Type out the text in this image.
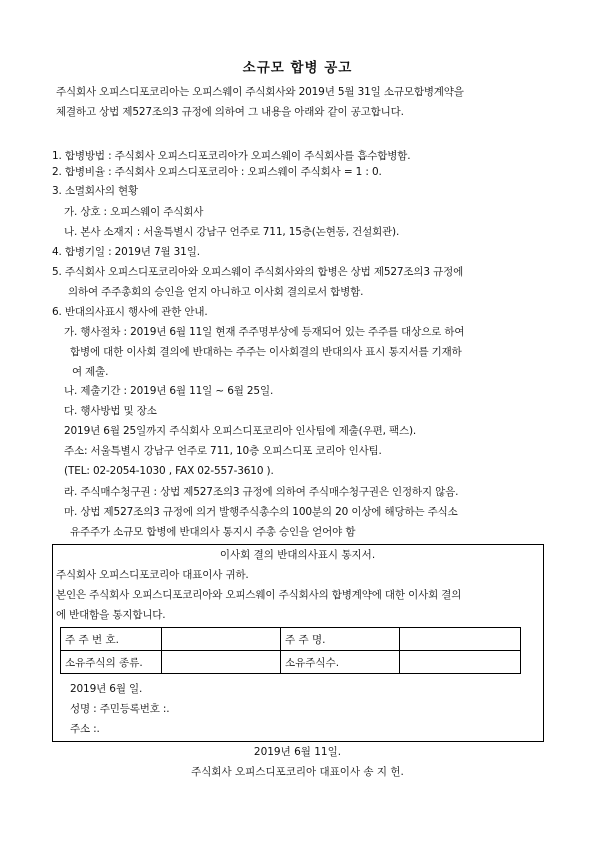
소규모 합병 공고
주식회사 오피스디포코리아는 오피스웨이 주식회사와 2019년 5월 31일 소규모합병계약을
체결하고 상법 제527조의3 규정에 의하여 그 내용을 아래와 같이 공고합니다.
1. 합병방법 : 주식회사 오피스디포코리아가 오피스웨이 주식회사를 흡수합병함.
2. 합병비율 : 주식회사 오피스디포코리아 : 오피스웨이 주식회사 = 1 : 0.
3. 소멸회사의 현황
가. 상호 : 오피스웨이 주식회사
나. 본사 소재지 : 서울특별시 강남구 언주로 711, 15층(논현동, 건설회관).
4. 합병기일 : 2019년 7월 31일.
5. 주식회사 오피스디포코리아와 오피스웨이 주식회사와의 합병은 상법 제527조의3 규정에
의하여 주주총회의 승인을 얻지 아니하고 이사회 결의로서 합병함.
6. 반대의사표시 행사에 관한 안내.
가. 행사절차 : 2019년 6월 11일 현재 주주명부상에 등재되어 있는 주주를 대상으로 하여
합병에 대한 이사회 결의에 반대하는 주주는 이사회결의 반대의사 표시 통지서를 기재하
여 제출.
나. 제출기간 : 2019년 6월 11일 ~ 6월 25일.
다. 행사방법 및 장소
2019년 6월 25일까지 주식회사 오피스디포코리아 인사팀에 제출(우편, 팩스).
주소: 서울특별시 강남구 언주로 711, 10층 오피스디포 코리아 인사팀.
(TEL: 02-2054-1030 , FAX 02-557-3610 ).
라. 주식매수청구권 : 상법 제527조의3 규정에 의하여 주식매수청구권은 인정하지 않음.
마. 상법 제527조의3 규정에 의거 발행주식총수의 100분의 20 이상에 해당하는 주식소
유주주가 소규모 합병에 반대의사 통지시 주총 승인을 얻어야 함
이사회 결의 반대의사표시 통지서.
주식회사 오피스디포코리아 대표이사 귀하.
본인은 주식회사 오피스디포코리아와 오피스웨이 주식회사의 합병계약에 대한 이사회 결의
에 반대함을 통지합니다.
주 주 번 호.		주 주 명.	
소유주식의 종류.		소유주식수.	
2019년 6월 일.
성명 : 주민등록번호 :.
주소 :.
2019년 6월 11일.
주식회사 오피스디포코리아 대표이사 송 지 헌.
